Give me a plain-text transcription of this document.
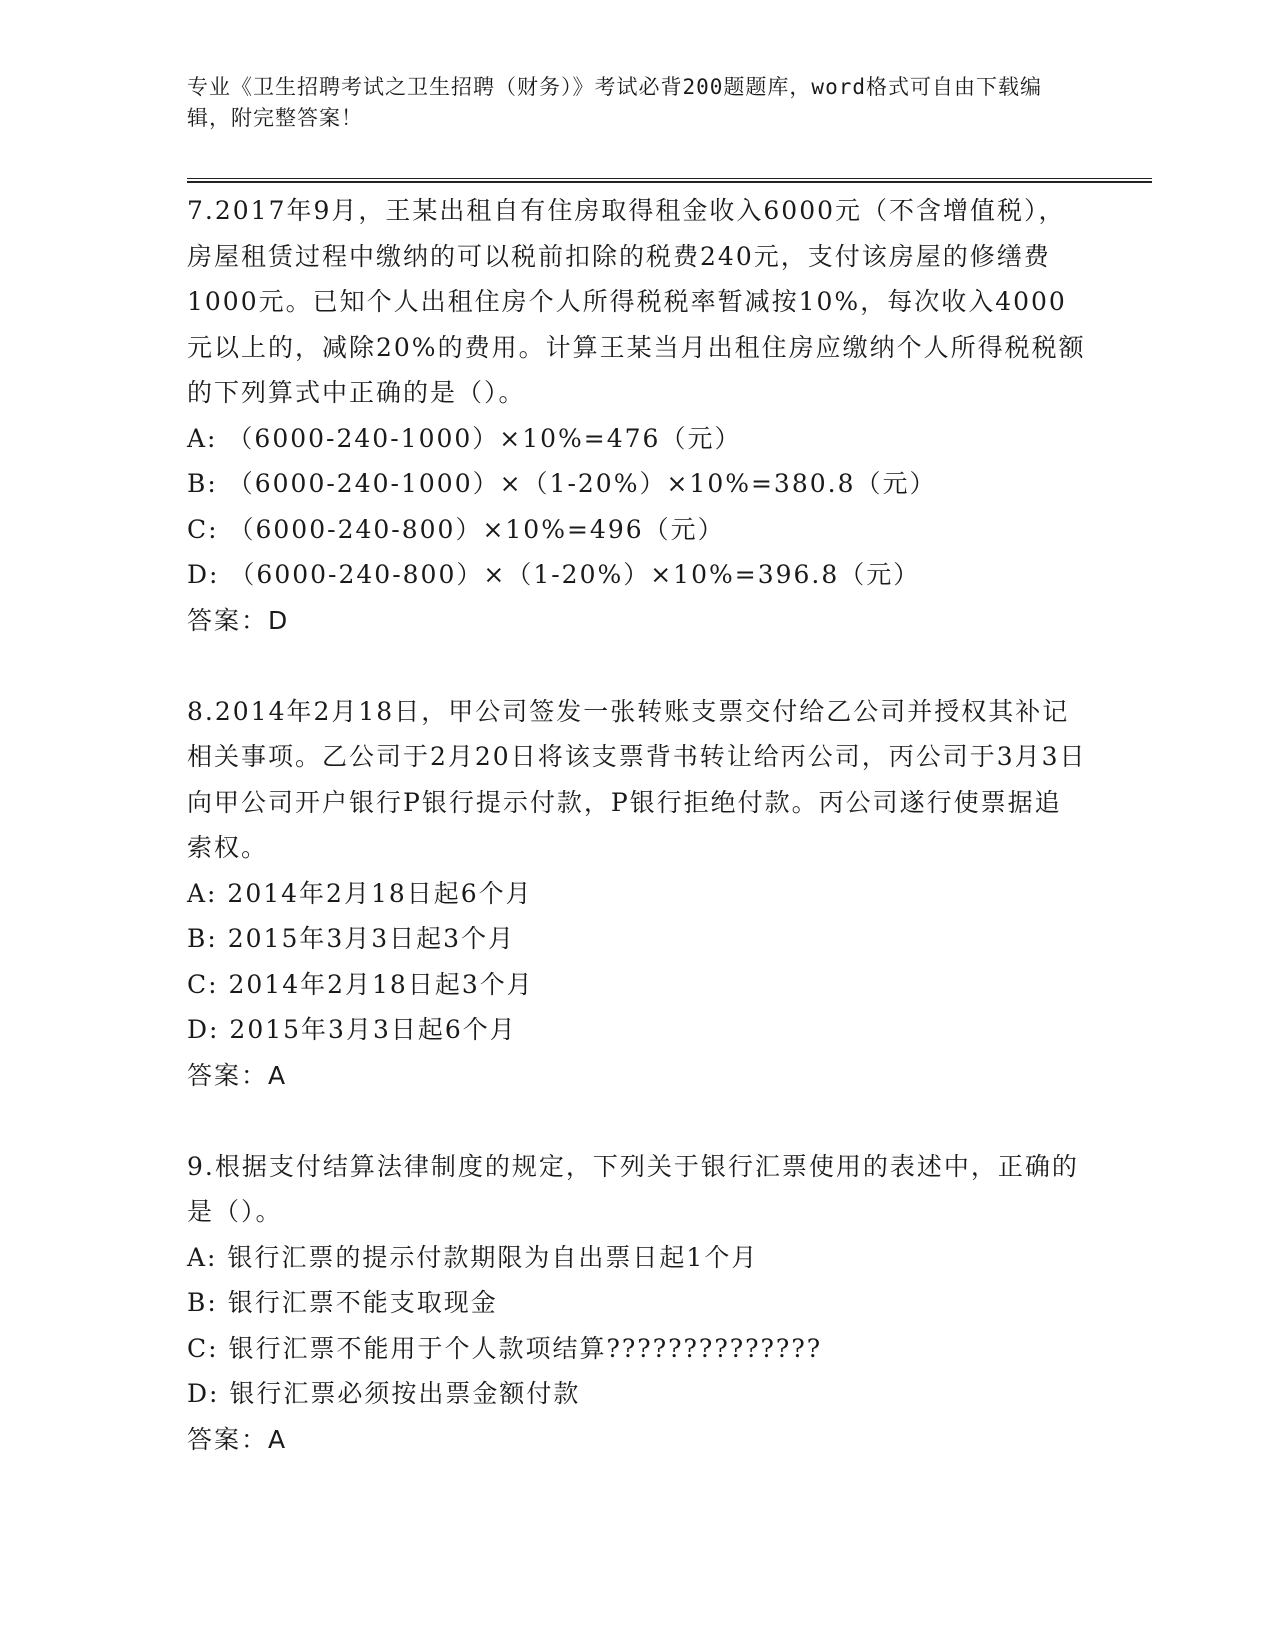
专业《卫生招聘考试之卫生招聘（财务）》考试必背200题题库，word格式可自由下载编辑，附完整答案！

7.2017年9月，王某出租自有住房取得租金收入6000元（不含增值税），房屋租赁过程中缴纳的可以税前扣除的税费240元，支付该房屋的修缮费1000元。已知个人出租住房个人所得税税率暂减按10%，每次收入4000元以上的，减除20%的费用。计算王某当月出租住房应缴纳个人所得税税额的下列算式中正确的是（）。

A: （6000-240-1000）×10%=476（元）

B: （6000-240-1000）×（1-20%）×10%=380.8（元）

C: （6000-240-800）×10%=496（元）

D: （6000-240-800）×（1-20%）×10%=396.8（元）

答案：D

8.2014年2月18日，甲公司签发一张转账支票交付给乙公司并授权其补记相关事项。乙公司于2月20日将该支票背书转让给丙公司，丙公司于3月3日向甲公司开户银行P银行提示付款，P银行拒绝付款。丙公司遂行使票据追索权。

A: 2014年2月18日起6个月

B: 2015年3月3日起3个月

C: 2014年2月18日起3个月

D: 2015年3月3日起6个月

答案：A

9.根据支付结算法律制度的规定，下列关于银行汇票使用的表述中，正确的是（）。

A: 银行汇票的提示付款期限为自出票日起1个月

B: 银行汇票不能支取现金

C: 银行汇票不能用于个人款项结算??????????????

D: 银行汇票必须按出票金额付款

答案：A
